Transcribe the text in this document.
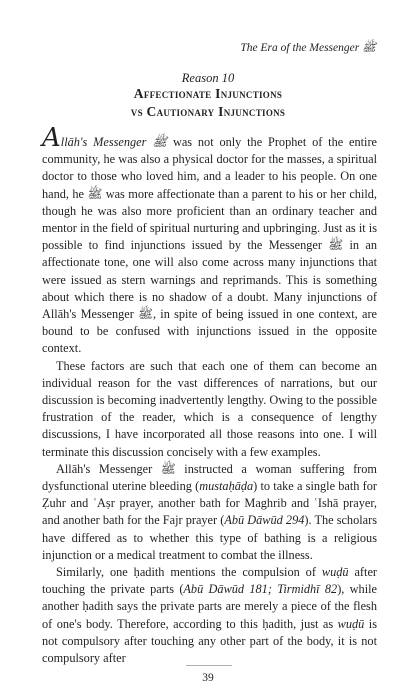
The Era of the Messenger ﷺ
Reason 10
Affectionate Injunctions
vs Cautionary Injunctions

Allāh's Messenger ﷺ was not only the Prophet of the entire community, he was also a physical doctor for the masses, a spiritual doctor to those who loved him, and a leader to his people. On one hand, he ﷺ was more affectionate than a parent to his or her child, though he was also more proficient than an ordinary teacher and mentor in the field of spiritual nurturing and upbringing. Just as it is possible to find injunctions issued by the Messenger ﷺ in an affectionate tone, one will also come across many injunctions that were issued as stern warnings and reprimands. This is something about which there is no shadow of a doubt. Many injunctions of Allāh's Messenger ﷺ, in spite of being issued in one context, are bound to be confused with injunctions issued in the opposite context.

These factors are such that each one of them can become an individual reason for the vast differences of narrations, but our discussion is becoming inadvertently lengthy. Owing to the possible frustration of the reader, which is a consequence of lengthy discussions, I have incorporated all those reasons into one. I will terminate this discussion concisely with a few examples.

Allāh's Messenger ﷺ instructed a woman suffering from dysfunctional uterine bleeding (mustaḥāḍa) to take a single bath for Ẓuhr and ʿAṣr prayer, another bath for Maghrib and ʿIshā prayer, and another bath for the Fajr prayer (Abū Dāwūd 294). The scholars have differed as to whether this type of bathing is a religious injunction or a medical treatment to combat the illness.

Similarly, one ḥadith mentions the compulsion of wuḍū after touching the private parts (Abū Dāwūd 181; Tirmidhī 82), while another ḥadith says the private parts are merely a piece of the flesh of one's body. Therefore, according to this ḥadith, just as wuḍū is not compulsory after touching any other part of the body, it is not compulsory after

39
